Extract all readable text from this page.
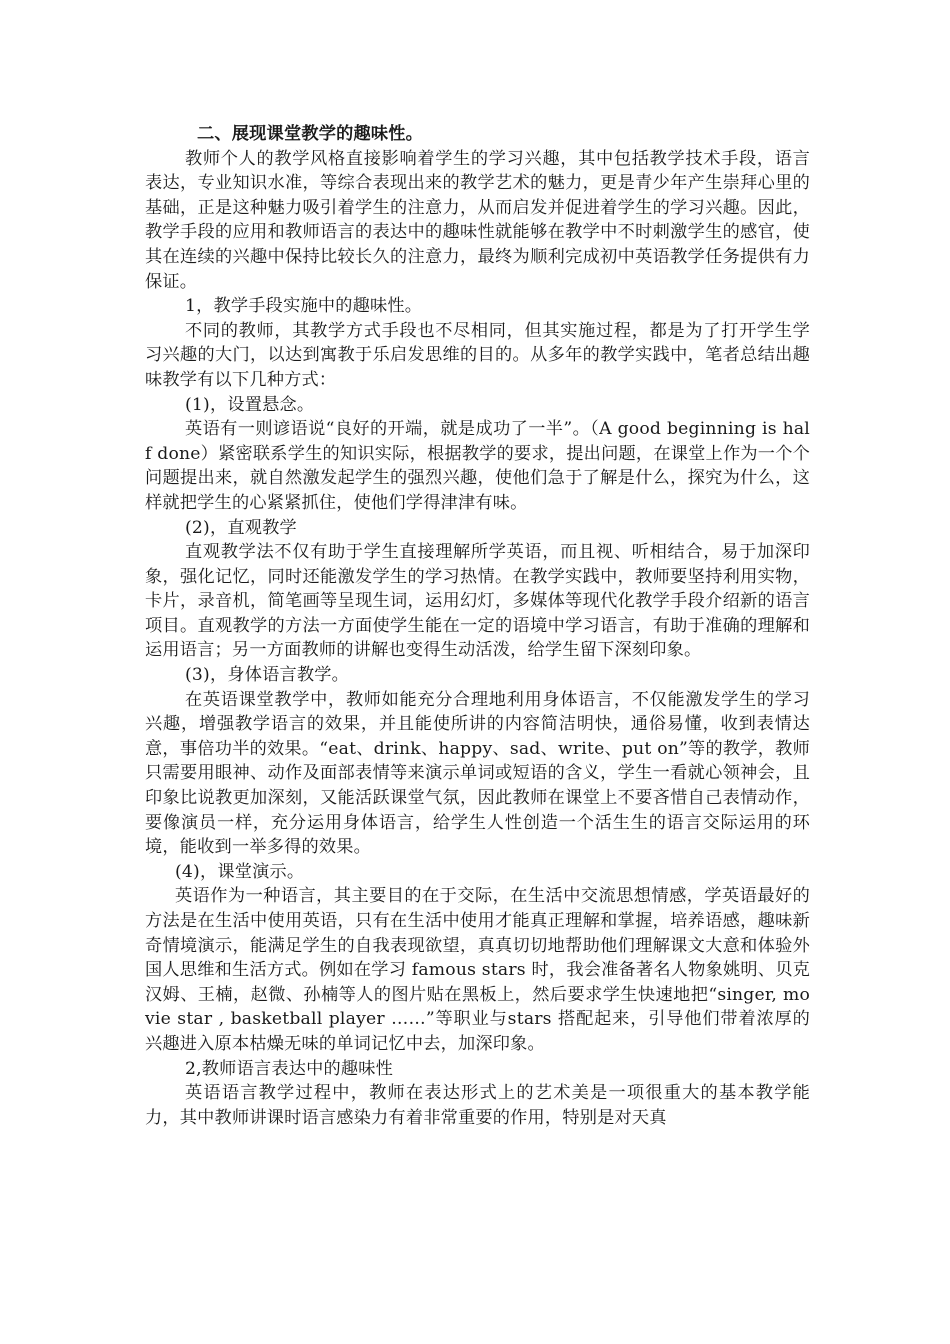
二、展现课堂教学的趣味性。

教师个人的教学风格直接影响着学生的学习兴趣，其中包括教学技术手段，语言表达，专业知识水准，等综合表现出来的教学艺术的魅力，更是青少年产生崇拜心里的基础，正是这种魅力吸引着学生的注意力，从而启发并促进着学生的学习兴趣。因此，教学手段的应用和教师语言的表达中的趣味性就能够在教学中不时刺激学生的感官，使其在连续的兴趣中保持比较长久的注意力，最终为顺利完成初中英语教学任务提供有力保证。

1，教学手段实施中的趣味性。

不同的教师，其教学方式手段也不尽相同，但其实施过程，都是为了打开学生学习兴趣的大门，以达到寓教于乐启发思维的目的。从多年的教学实践中，笔者总结出趣味教学有以下几种方式：

(1)，设置悬念。

英语有一则谚语说“良好的开端，就是成功了一半”。（A good beginning is half done）紧密联系学生的知识实际，根据教学的要求，提出问题，在课堂上作为一个个问题提出来，就自然激发起学生的强烈兴趣，使他们急于了解是什么，探究为什么，这样就把学生的心紧紧抓住，使他们学得津津有味。

(2)，直观教学

直观教学法不仅有助于学生直接理解所学英语，而且视、听相结合，易于加深印象，强化记忆，同时还能激发学生的学习热情。在教学实践中，教师要坚持利用实物，卡片，录音机，简笔画等呈现生词，运用幻灯，多媒体等现代化教学手段介绍新的语言项目。直观教学的方法一方面使学生能在一定的语境中学习语言，有助于准确的理解和运用语言；另一方面教师的讲解也变得生动活泼，给学生留下深刻印象。

(3)，身体语言教学。

在英语课堂教学中，教师如能充分合理地利用身体语言，不仅能激发学生的学习兴趣，增强教学语言的效果，并且能使所讲的内容简洁明快，通俗易懂，收到表情达意，事倍功半的效果。“eat、drink、happy、sad、write、put on”等的教学，教师只需要用眼神、动作及面部表情等来演示单词或短语的含义，学生一看就心领神会，且印象比说教更加深刻，又能活跃课堂气氛，因此教师在课堂上不要吝惜自己表情动作，要像演员一样，充分运用身体语言，给学生人性创造一个活生生的语言交际运用的环境，能收到一举多得的效果。

(4)，课堂演示。

英语作为一种语言，其主要目的在于交际，在生活中交流思想情感，学英语最好的方法是在生活中使用英语，只有在生活中使用才能真正理解和掌握，培养语感，趣味新奇情境演示，能满足学生的自我表现欲望，真真切切地帮助他们理解课文大意和体验外国人思维和生活方式。例如在学习 famous stars 时，我会准备著名人物象姚明、贝克汉姆、王楠，赵微、孙楠等人的图片贴在黑板上，然后要求学生快速地把“singer, movie star , basketball player ……”等职业与stars 搭配起来，引导他们带着浓厚的兴趣进入原本枯燥无味的单词记忆中去，加深印象。

2,教师语言表达中的趣味性

英语语言教学过程中，教师在表达形式上的艺术美是一项很重大的基本教学能力，其中教师讲课时语言感染力有着非常重要的作用，特别是对天真
